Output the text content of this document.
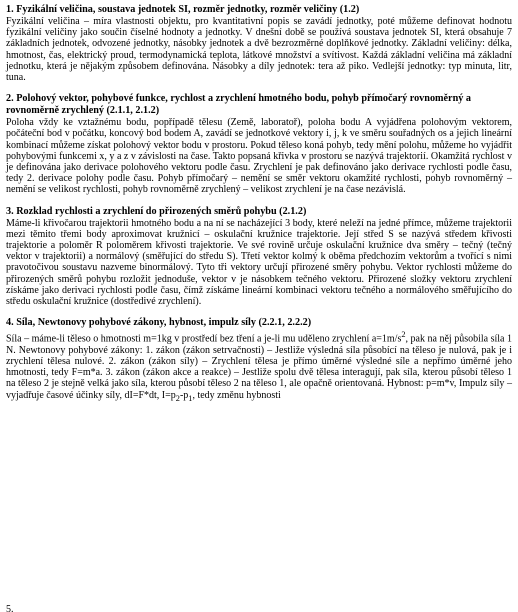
1. Fyzikální veličina, soustava jednotek SI, rozměr jednotky, rozměr veličiny (1.2)

Fyzikální veličina – míra vlastnosti objektu, pro kvantitativní popis se zavádí jednotky, poté můžeme definovat hodnotu fyzikální veličiny jako součin číselné hodnoty a jednotky. V dnešní době se používá soustava jednotek SI, která obsahuje 7 základních jednotek, odvozené jednotky, násobky jednotek a dvě bezrozměrné doplňkové jednotky. Základní veličiny: délka, hmotnost, čas, elektrický proud, termodynamická teplota, látkové množství a svítivost. Každá základní veličina má základní jednotku, která je nějakým způsobem definována. Násobky a díly jednotek: tera až piko. Vedlejší jednotky: typ minuta, litr, tuna.

2. Polohový vektor, pohybové funkce, rychlost a zrychlení hmotného bodu, pohyb přímočarý rovnoměrný a rovnoměrně zrychlený (2.1.1, 2.1.2)

Poloha vždy ke vztažnému bodu, popřípadě tělesu (Země, laboratoř), poloha bodu A vyjádřena polohovým vektorem, počáteční bod v počátku, koncový bod bodem A, zavádí se jednotkové vektory i, j, k ve směru souřadných os a jejich lineární kombinací můžeme získat polohový vektor bodu v prostoru. Pokud těleso koná pohyb, tedy mění polohu, můžeme ho vyjádřit pohybovými funkcemi x, y a z v závislosti na čase. Takto popsaná křivka v prostoru se nazývá trajektorií. Okamžitá rychlost v je definována jako derivace polohového vektoru podle času. Zrychlení je pak definováno jako derivace rychlosti podle času, tedy 2. derivace polohy podle času. Pohyb přímočarý – nemění se směr vektoru okamžité rychlosti, pohyb rovnoměrný – nemění se velikost rychlosti, pohyb rovnoměrně zrychlený – velikost zrychlení je na čase nezávislá.

3. Rozklad rychlosti a zrychlení do přirozených směrů pohybu (2.1.2)

Máme-li křivočarou trajektorii hmotného bodu a na ní se nacházející 3 body, které neleží na jedné přímce, můžeme trajektorii mezi těmito třemi body aproximovat kružnicí – oskulační kružnice trajektorie. Její střed S se nazývá středem křivosti trajektorie a poloměr R poloměrem křivosti trajektorie. Ve své rovině určuje oskulační kružnice dva směry – tečný (tečný vektor v trajektorii) a normálový (směřující do středu S). Třetí vektor kolmý k oběma předchozím vektorům a tvořící s nimi pravotočivou soustavu nazveme binormálový. Tyto tři vektory určují přirozené směry pohybu. Vektor rychlosti můžeme do přirozených směrů pohybu rozložit jednoduše, vektor v je násobkem tečného vektoru. Přirozené složky vektoru zrychlení získáme jako derivaci rychlosti podle času, čímž získáme lineární kombinaci vektoru tečného a normálového směřujícího do středu oskulační kružnice (dostředivé zrychlení).

4. Síla, Newtonovy pohybové zákony, hybnost, impulz síly (2.2.1, 2.2.2)

Síla – máme-li těleso o hmotnosti m=1kg v prostředí bez tření a je-li mu uděleno zrychlení $a=1m/s^2$, pak na něj působila síla 1 N. Newtonovy pohybové zákony: 1. zákon (zákon setrvačnosti) – Jestliže výsledná síla působící na těleso je nulová, pak je i zrychlení tělesa nulové. 2. zákon (zákon síly) – Zrychlení tělesa je přímo úměrné výsledné síle a nepřímo úměrné jeho hmotnosti, tedy F=m*a. 3. zákon (zákon akce a reakce) – Jestliže spolu dvě tělesa interagují, pak síla, kterou působí těleso 1 na těleso 2 je stejně velká jako síla, kterou působí těleso 2 na těleso 1, ale opačně orientovaná. Hybnost: p=m*v, Impulz síly – vyjadřuje časové účinky síly, dI=F*dt, $I=p_2-p_1$, tedy změnu hybnosti

5.
